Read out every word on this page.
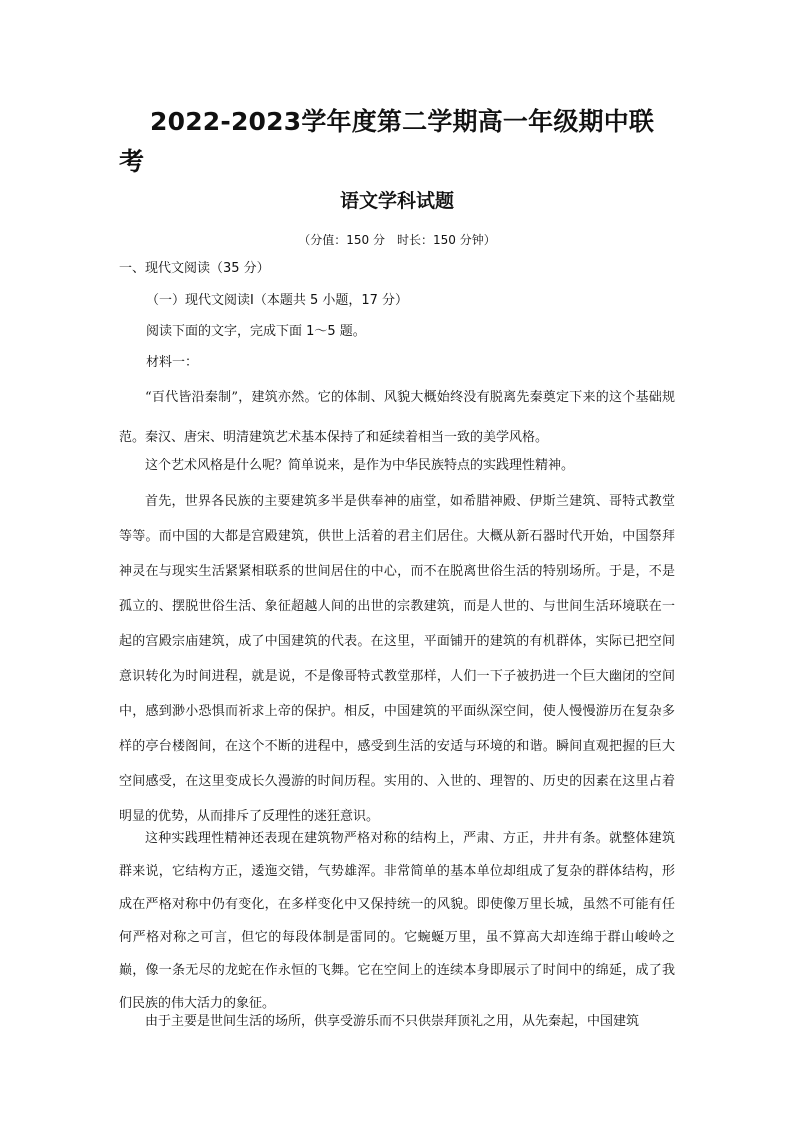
2022-2023学年度第二学期高一年级期中联考
语文学科试题
（分值：150 分　时长：150 分钟）
一、现代文阅读（35 分）
（一）现代文阅读Ⅰ（本题共 5 小题，17 分）
阅读下面的文字，完成下面 1～5 题。
材料一：

“百代皆沿秦制”，建筑亦然。它的体制、风貌大概始终没有脱离先秦奠定下来的这个基础规范。秦汉、唐宋、明清建筑艺术基本保持了和延续着相当一致的美学风格。

这个艺术风格是什么呢？简单说来，是作为中华民族特点的实践理性精神。

首先，世界各民族的主要建筑多半是供奉神的庙堂，如希腊神殿、伊斯兰建筑、哥特式教堂等等。而中国的大都是宫殿建筑，供世上活着的君主们居住。大概从新石器时代开始，中国祭拜神灵在与现实生活紧紧相联系的世间居住的中心，而不在脱离世俗生活的特别场所。于是，不是孤立的、摆脱世俗生活、象征超越人间的出世的宗教建筑，而是人世的、与世间生活环境联在一起的宫殿宗庙建筑，成了中国建筑的代表。在这里，平面铺开的建筑的有机群体，实际已把空间意识转化为时间进程，就是说，不是像哥特式教堂那样，人们一下子被扔进一个巨大幽闭的空间中，感到渺小恐惧而祈求上帝的保护。相反，中国建筑的平面纵深空间，使人慢慢游历在复杂多样的亭台楼阁间，在这个不断的进程中，感受到生活的安适与环境的和谐。瞬间直观把握的巨大空间感受，在这里变成长久漫游的时间历程。实用的、入世的、理智的、历史的因素在这里占着明显的优势，从而排斥了反理性的迷狂意识。

这种实践理性精神还表现在建筑物严格对称的结构上，严肃、方正，井井有条。就整体建筑群来说，它结构方正，逶迤交错，气势雄浑。非常简单的基本单位却组成了复杂的群体结构，形成在严格对称中仍有变化，在多样变化中又保持统一的风貌。即使像万里长城，虽然不可能有任何严格对称之可言，但它的每段体制是雷同的。它蜿蜒万里，虽不算高大却连绵于群山峻岭之巅，像一条无尽的龙蛇在作永恒的飞舞。它在空间上的连续本身即展示了时间中的绵延，成了我们民族的伟大活力的象征。

由于主要是世间生活的场所，供享受游乐而不只供崇拜顶礼之用，从先秦起，中国建筑
